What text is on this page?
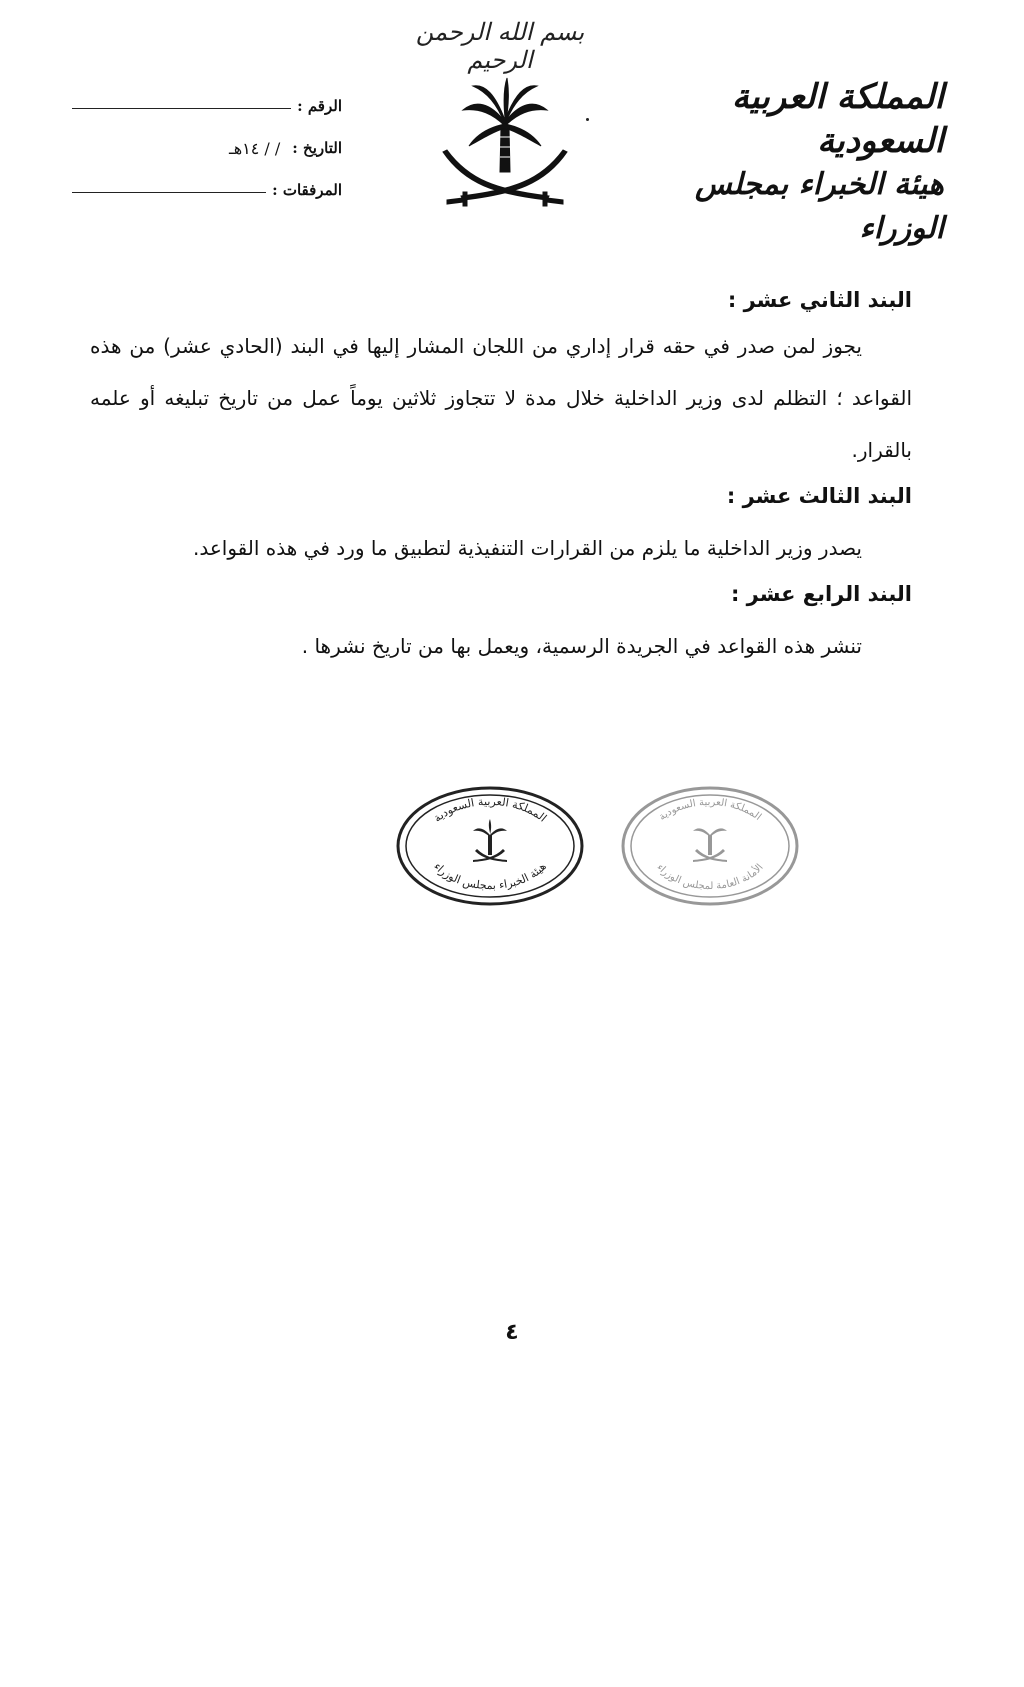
بسم الله الرحمن الرحيم
المملكة العربية السعودية
هيئة الخبراء بمجلس الوزراء
الرقم :
التاريخ :
/ / ١٤هـ
المرفقات :
البند الثاني عشر :
يجوز لمن صدر في حقه قرار إداري من اللجان المشار إليها في البند (الحادي عشر) من هذه القواعد ؛ التظلم لدى وزير الداخلية خلال مدة لا تتجاوز ثلاثين يوماً عمل من تاريخ تبليغه أو علمه بالقرار.
البند الثالث عشر :
يصدر وزير الداخلية ما يلزم من القرارات التنفيذية لتطبيق ما ورد في هذه القواعد.
البند الرابع عشر :
تنشر هذه القواعد في الجريدة الرسمية، ويعمل بها من تاريخ نشرها .
المملكة العربية السعودية
هيئة الخبراء بمجلس الوزراء
المملكة العربية السعودية
الأمانة العامة لمجلس الوزراء
٤
